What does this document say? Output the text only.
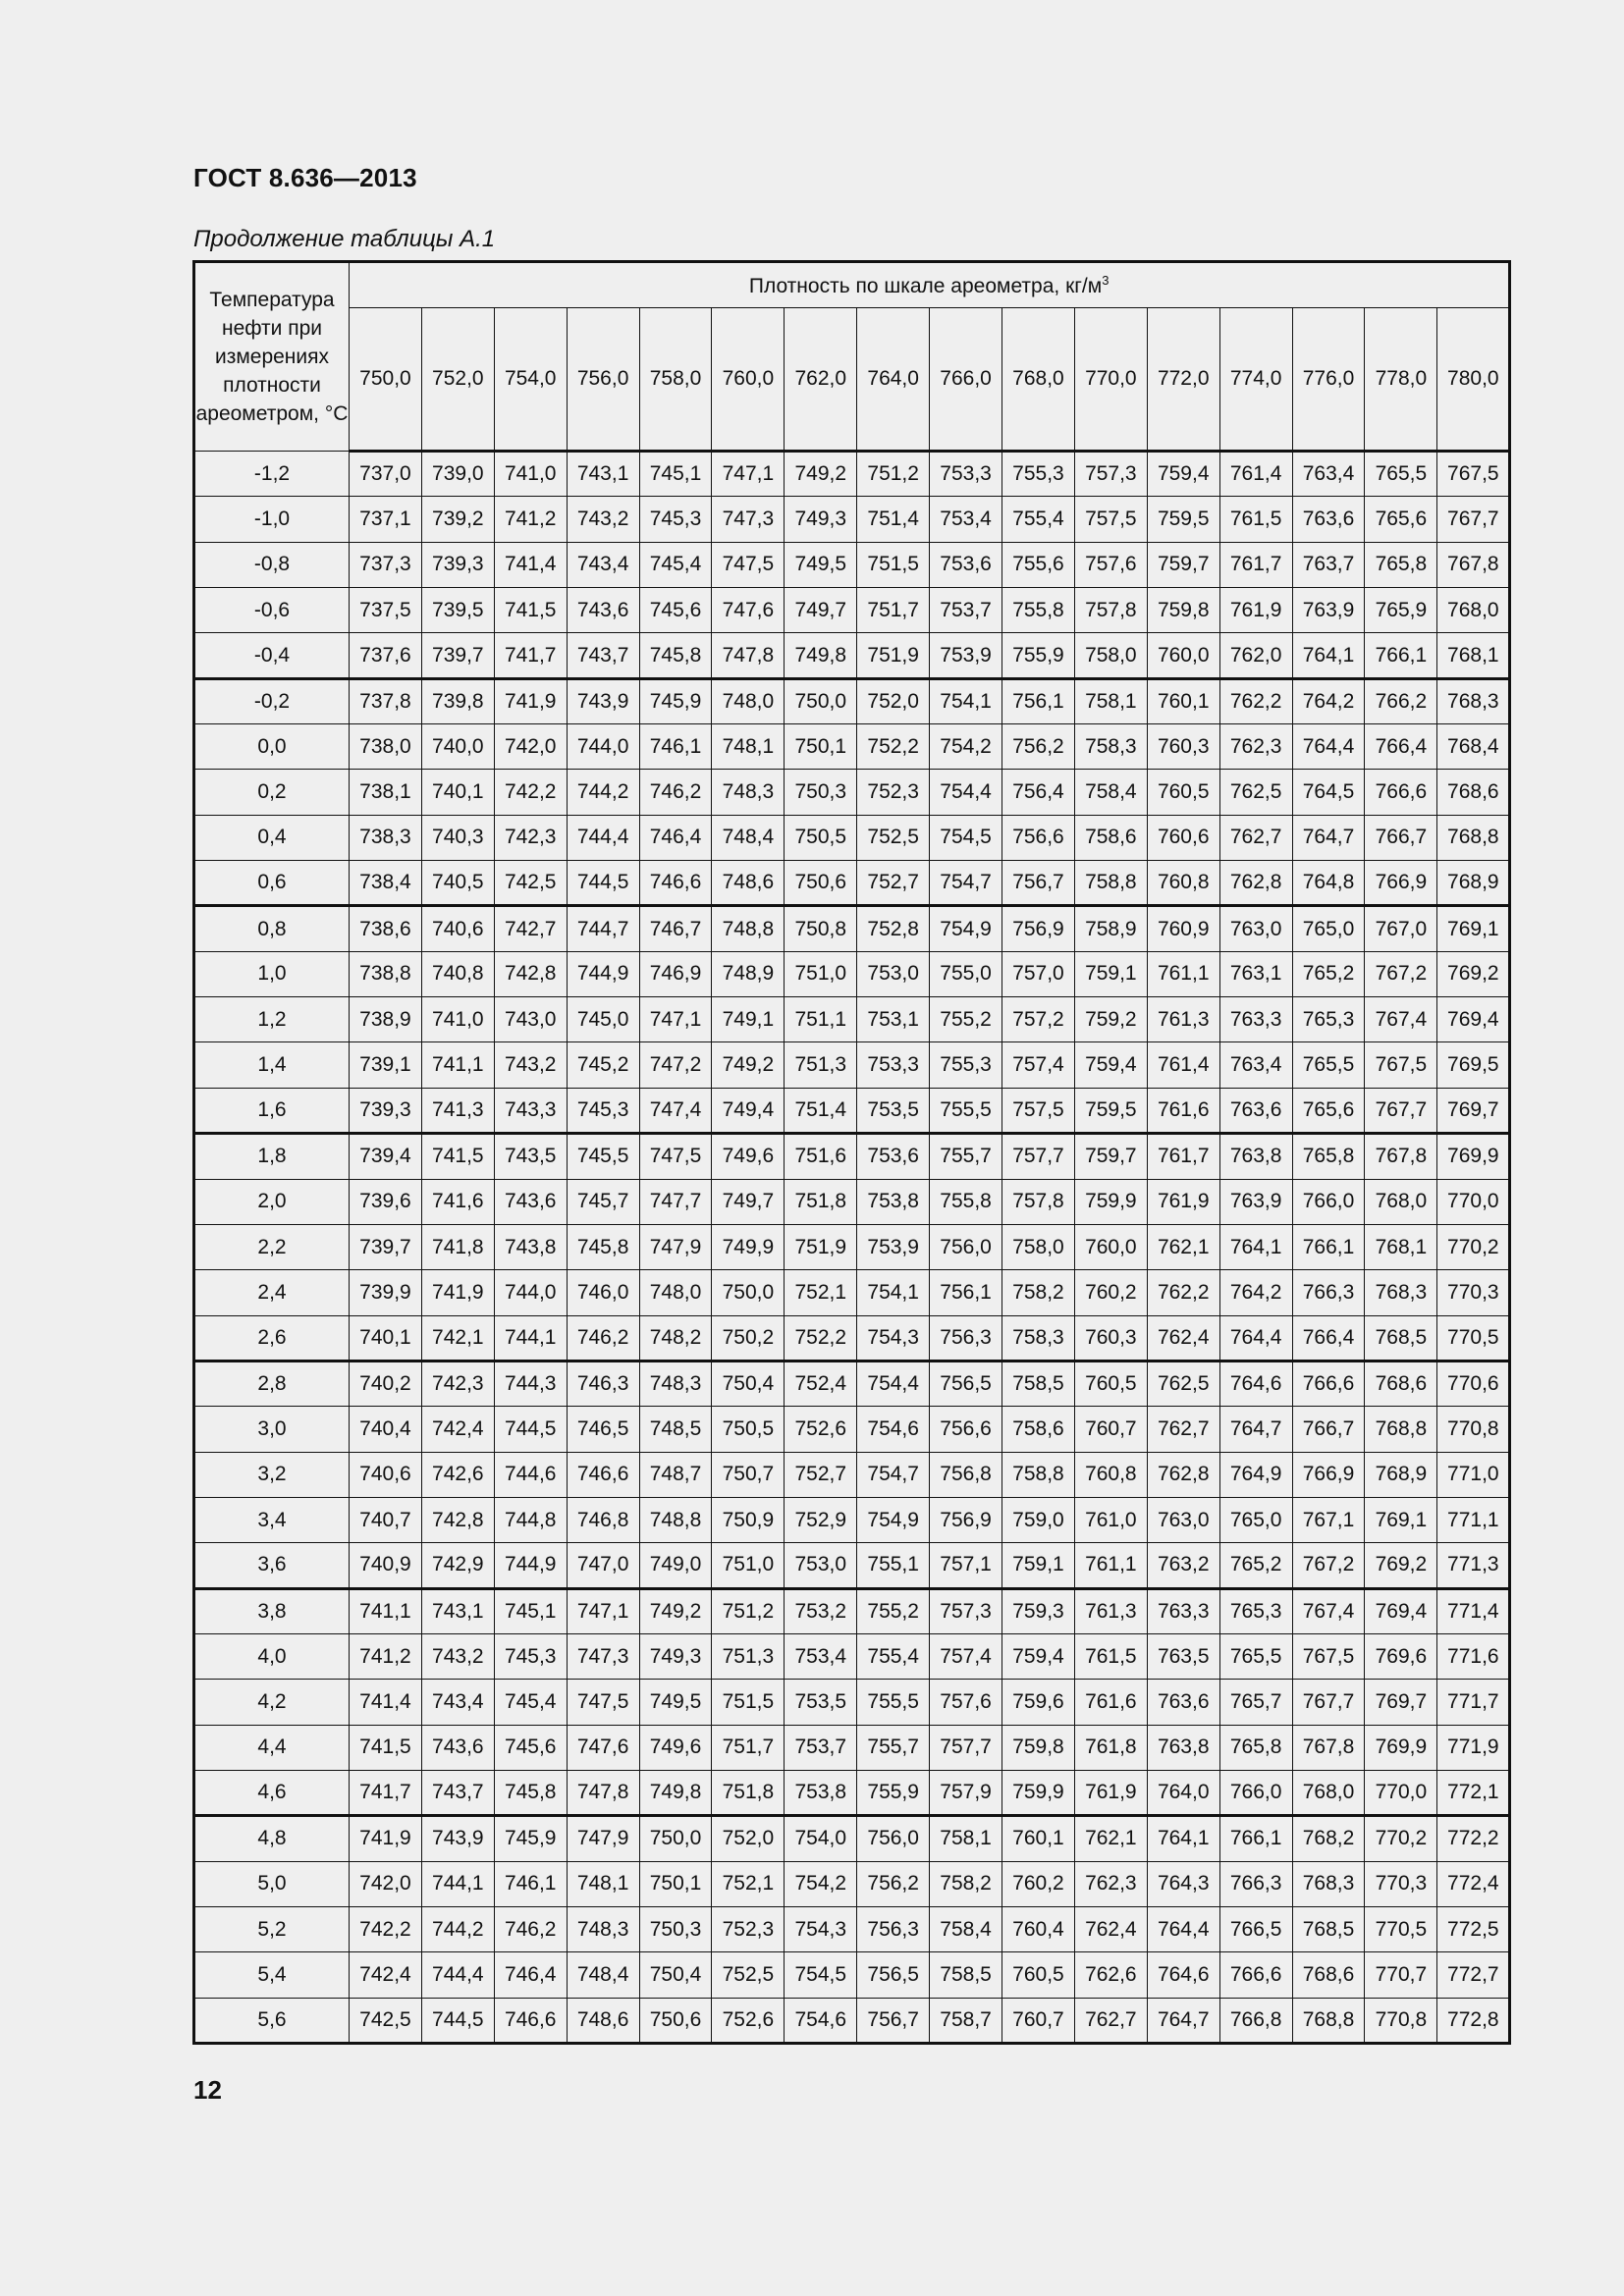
ГОСТ 8.636—2013
Продолжение таблицы А.1
Температура нефти при измерениях плотности ареометром, °С	Плотность по шкале ареометра, $кг/м^3$
	750,0	752,0	754,0	756,0	758,0	760,0	762,0	764,0	766,0	768,0	770,0	772,0	774,0	776,0	778,0	780,0
-1,2	737,0	739,0	741,0	743,1	745,1	747,1	749,2	751,2	753,3	755,3	757,3	759,4	761,4	763,4	765,5	767,5
-1,0	737,1	739,2	741,2	743,2	745,3	747,3	749,3	751,4	753,4	755,4	757,5	759,5	761,5	763,6	765,6	767,7
-0,8	737,3	739,3	741,4	743,4	745,4	747,5	749,5	751,5	753,6	755,6	757,6	759,7	761,7	763,7	765,8	767,8
-0,6	737,5	739,5	741,5	743,6	745,6	747,6	749,7	751,7	753,7	755,8	757,8	759,8	761,9	763,9	765,9	768,0
-0,4	737,6	739,7	741,7	743,7	745,8	747,8	749,8	751,9	753,9	755,9	758,0	760,0	762,0	764,1	766,1	768,1
-0,2	737,8	739,8	741,9	743,9	745,9	748,0	750,0	752,0	754,1	756,1	758,1	760,1	762,2	764,2	766,2	768,3
0,0	738,0	740,0	742,0	744,0	746,1	748,1	750,1	752,2	754,2	756,2	758,3	760,3	762,3	764,4	766,4	768,4
0,2	738,1	740,1	742,2	744,2	746,2	748,3	750,3	752,3	754,4	756,4	758,4	760,5	762,5	764,5	766,6	768,6
0,4	738,3	740,3	742,3	744,4	746,4	748,4	750,5	752,5	754,5	756,6	758,6	760,6	762,7	764,7	766,7	768,8
0,6	738,4	740,5	742,5	744,5	746,6	748,6	750,6	752,7	754,7	756,7	758,8	760,8	762,8	764,8	766,9	768,9
0,8	738,6	740,6	742,7	744,7	746,7	748,8	750,8	752,8	754,9	756,9	758,9	760,9	763,0	765,0	767,0	769,1
1,0	738,8	740,8	742,8	744,9	746,9	748,9	751,0	753,0	755,0	757,0	759,1	761,1	763,1	765,2	767,2	769,2
1,2	738,9	741,0	743,0	745,0	747,1	749,1	751,1	753,1	755,2	757,2	759,2	761,3	763,3	765,3	767,4	769,4
1,4	739,1	741,1	743,2	745,2	747,2	749,2	751,3	753,3	755,3	757,4	759,4	761,4	763,4	765,5	767,5	769,5
1,6	739,3	741,3	743,3	745,3	747,4	749,4	751,4	753,5	755,5	757,5	759,5	761,6	763,6	765,6	767,7	769,7
1,8	739,4	741,5	743,5	745,5	747,5	749,6	751,6	753,6	755,7	757,7	759,7	761,7	763,8	765,8	767,8	769,9
2,0	739,6	741,6	743,6	745,7	747,7	749,7	751,8	753,8	755,8	757,8	759,9	761,9	763,9	766,0	768,0	770,0
2,2	739,7	741,8	743,8	745,8	747,9	749,9	751,9	753,9	756,0	758,0	760,0	762,1	764,1	766,1	768,1	770,2
2,4	739,9	741,9	744,0	746,0	748,0	750,0	752,1	754,1	756,1	758,2	760,2	762,2	764,2	766,3	768,3	770,3
2,6	740,1	742,1	744,1	746,2	748,2	750,2	752,2	754,3	756,3	758,3	760,3	762,4	764,4	766,4	768,5	770,5
2,8	740,2	742,3	744,3	746,3	748,3	750,4	752,4	754,4	756,5	758,5	760,5	762,5	764,6	766,6	768,6	770,6
3,0	740,4	742,4	744,5	746,5	748,5	750,5	752,6	754,6	756,6	758,6	760,7	762,7	764,7	766,7	768,8	770,8
3,2	740,6	742,6	744,6	746,6	748,7	750,7	752,7	754,7	756,8	758,8	760,8	762,8	764,9	766,9	768,9	771,0
3,4	740,7	742,8	744,8	746,8	748,8	750,9	752,9	754,9	756,9	759,0	761,0	763,0	765,0	767,1	769,1	771,1
3,6	740,9	742,9	744,9	747,0	749,0	751,0	753,0	755,1	757,1	759,1	761,1	763,2	765,2	767,2	769,2	771,3
3,8	741,1	743,1	745,1	747,1	749,2	751,2	753,2	755,2	757,3	759,3	761,3	763,3	765,3	767,4	769,4	771,4
4,0	741,2	743,2	745,3	747,3	749,3	751,3	753,4	755,4	757,4	759,4	761,5	763,5	765,5	767,5	769,6	771,6
4,2	741,4	743,4	745,4	747,5	749,5	751,5	753,5	755,5	757,6	759,6	761,6	763,6	765,7	767,7	769,7	771,7
4,4	741,5	743,6	745,6	747,6	749,6	751,7	753,7	755,7	757,7	759,8	761,8	763,8	765,8	767,8	769,9	771,9
4,6	741,7	743,7	745,8	747,8	749,8	751,8	753,8	755,9	757,9	759,9	761,9	764,0	766,0	768,0	770,0	772,1
4,8	741,9	743,9	745,9	747,9	750,0	752,0	754,0	756,0	758,1	760,1	762,1	764,1	766,1	768,2	770,2	772,2
5,0	742,0	744,1	746,1	748,1	750,1	752,1	754,2	756,2	758,2	760,2	762,3	764,3	766,3	768,3	770,3	772,4
5,2	742,2	744,2	746,2	748,3	750,3	752,3	754,3	756,3	758,4	760,4	762,4	764,4	766,5	768,5	770,5	772,5
5,4	742,4	744,4	746,4	748,4	750,4	752,5	754,5	756,5	758,5	760,5	762,6	764,6	766,6	768,6	770,7	772,7
5,6	742,5	744,5	746,6	748,6	750,6	752,6	754,6	756,7	758,7	760,7	762,7	764,7	766,8	768,8	770,8	772,8
12
